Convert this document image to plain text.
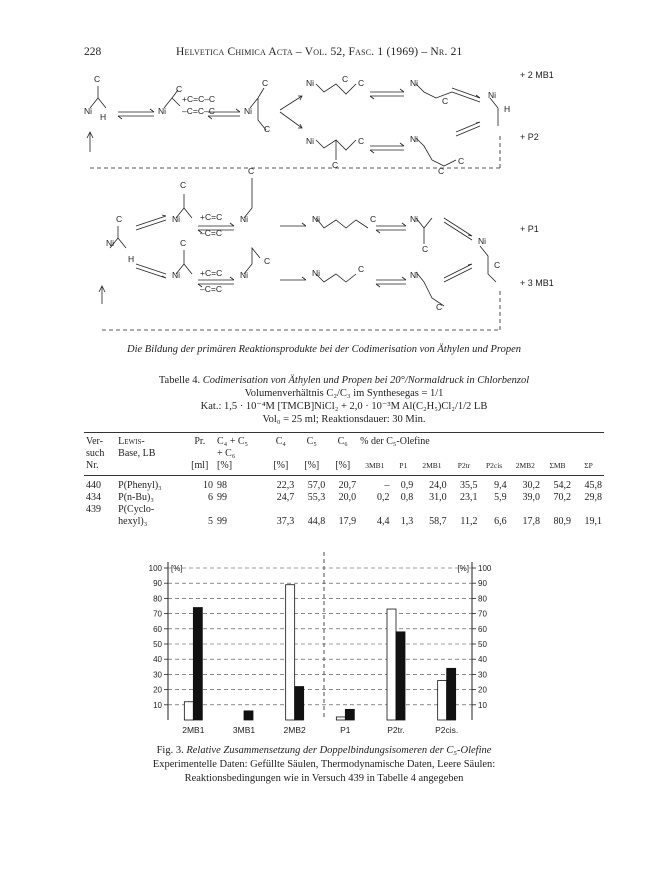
228	Helvetica Chimica Acta – Vol. 52, Fasc. 1 (1969) – Nr. 21
Ni
H
C
Ni
C
+C=C–C
–C=C–C	Ni
C
C
Ni	C C	Ni
C
Ni
H
Ni
C
C	Ni
C
C
Ni
C
H
Ni
C
+C=C
–C=C
Ni
C
Ni	C	Ni
C
Ni
C
Ni
C
+C=C
–C=C
Ni
C
Ni	C
Ni
C
+ 2 MB1
+ P2
+ P1
+ 3 MB1
Die Bildung der primären Reaktionsprodukte bei der Codimerisation von Äthylen und Propen
Tabelle 4. Codimerisation von Äthylen und Propen bei 20°/Normaldruck in Chlorbenzol
Volumenverhältnis C₂/C₃ im Synthesegas = 1/1
Kat.: 1,5 · 10⁻⁴M [TMCB]NiCl₂ + 2,0 · 10⁻³M Al(C₂H₅)Cl₂/1/2 LB
Vol₀ = 25 ml; Reaktionsdauer: 30 Min.
Ver-	Lewis-	Pr.	C₄ + C₅	C₄	C₅	C₆	% der C₅-Olefine							
such	Base, LB		+ C₆											
Nr.		[ml]	[%]	[%]	[%]	[%]	3MB1	P1	2MB1	P2tr	P2cis	2MB2	ΣMB	ΣP
440	P(Phenyl)₃	10	98	22,3	57,0	20,7	–	0,9	24,0	35,5	9,4	30,2	54,2	45,8
434	P(n-Bu)₃	6	99	24,7	55,3	20,0	0,2	0,8	31,0	23,1	5,9	39,0	70,2	29,8
439	P(Cyclo-													
	hexyl)₃	5	99	37,3	44,8	17,9	4,4	1,3	58,7	11,2	6,6	17,8	80,9	19,1
10	10
20	20
30	30
40	40
50	50
60	60
70	70
80	80
90	90
100	100
[%]	[%]
2MB1	3MB1	2MB2	P1	P2tr.	P2cis.
Fig. 3. Relative Zusammensetzung der Doppelbindungsisomeren der C₅-Olefine
Experimentelle Daten: Gefüllte Säulen, Thermodynamische Daten, Leere Säulen:
Reaktionsbedingungen wie in Versuch 439 in Tabelle 4 angegeben
